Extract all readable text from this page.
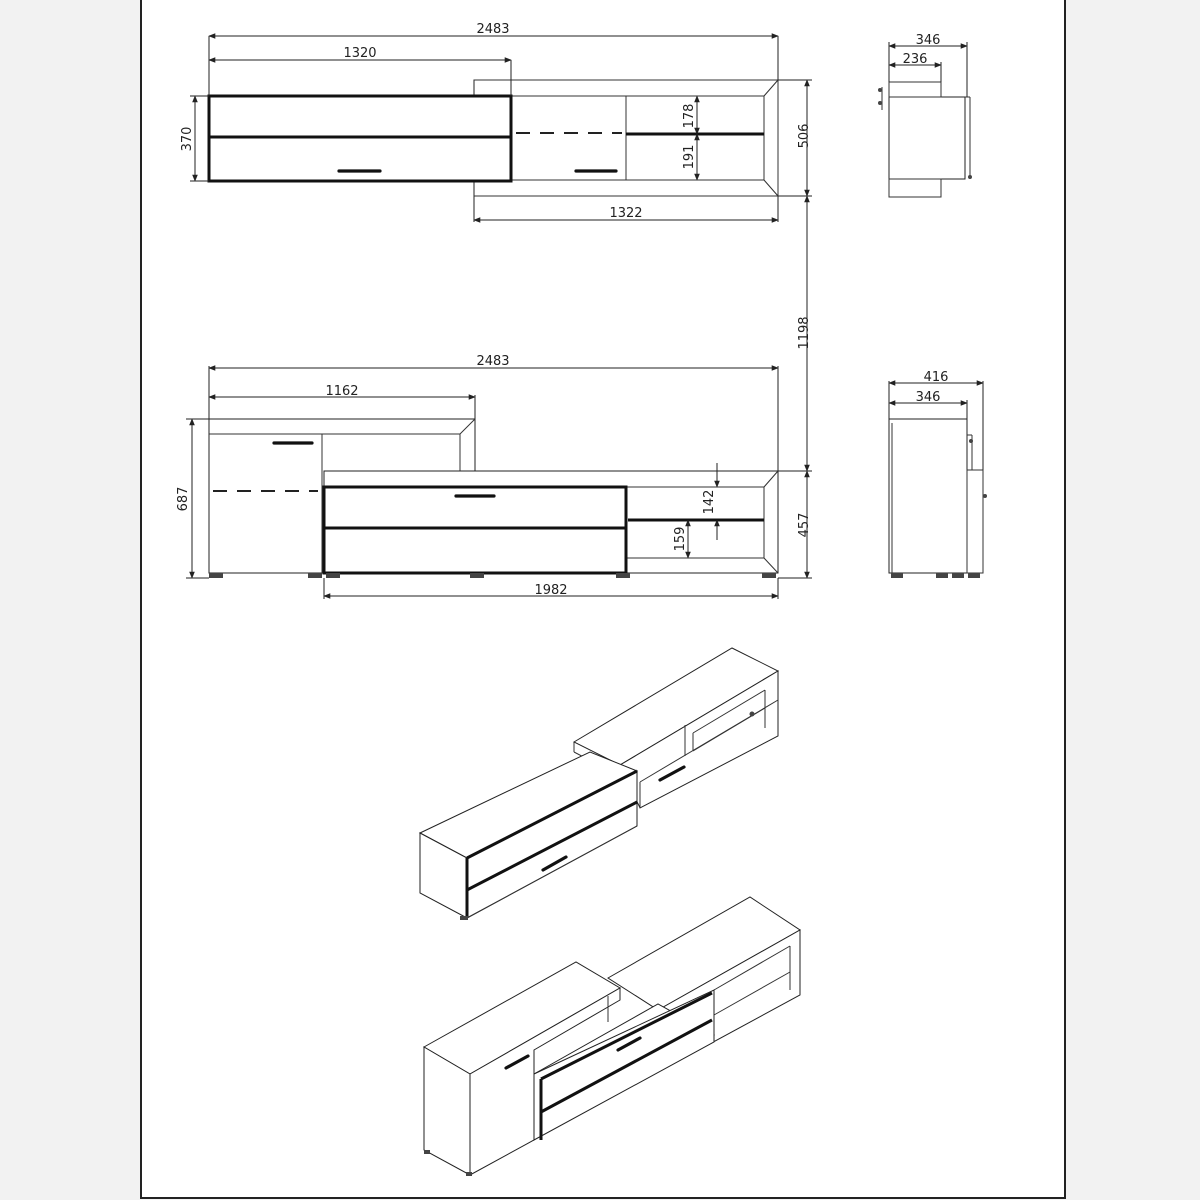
2483
1320
1322
370	506
178
191
346
236
2483
1162
1982
687
457
1198
142
159
416
346
